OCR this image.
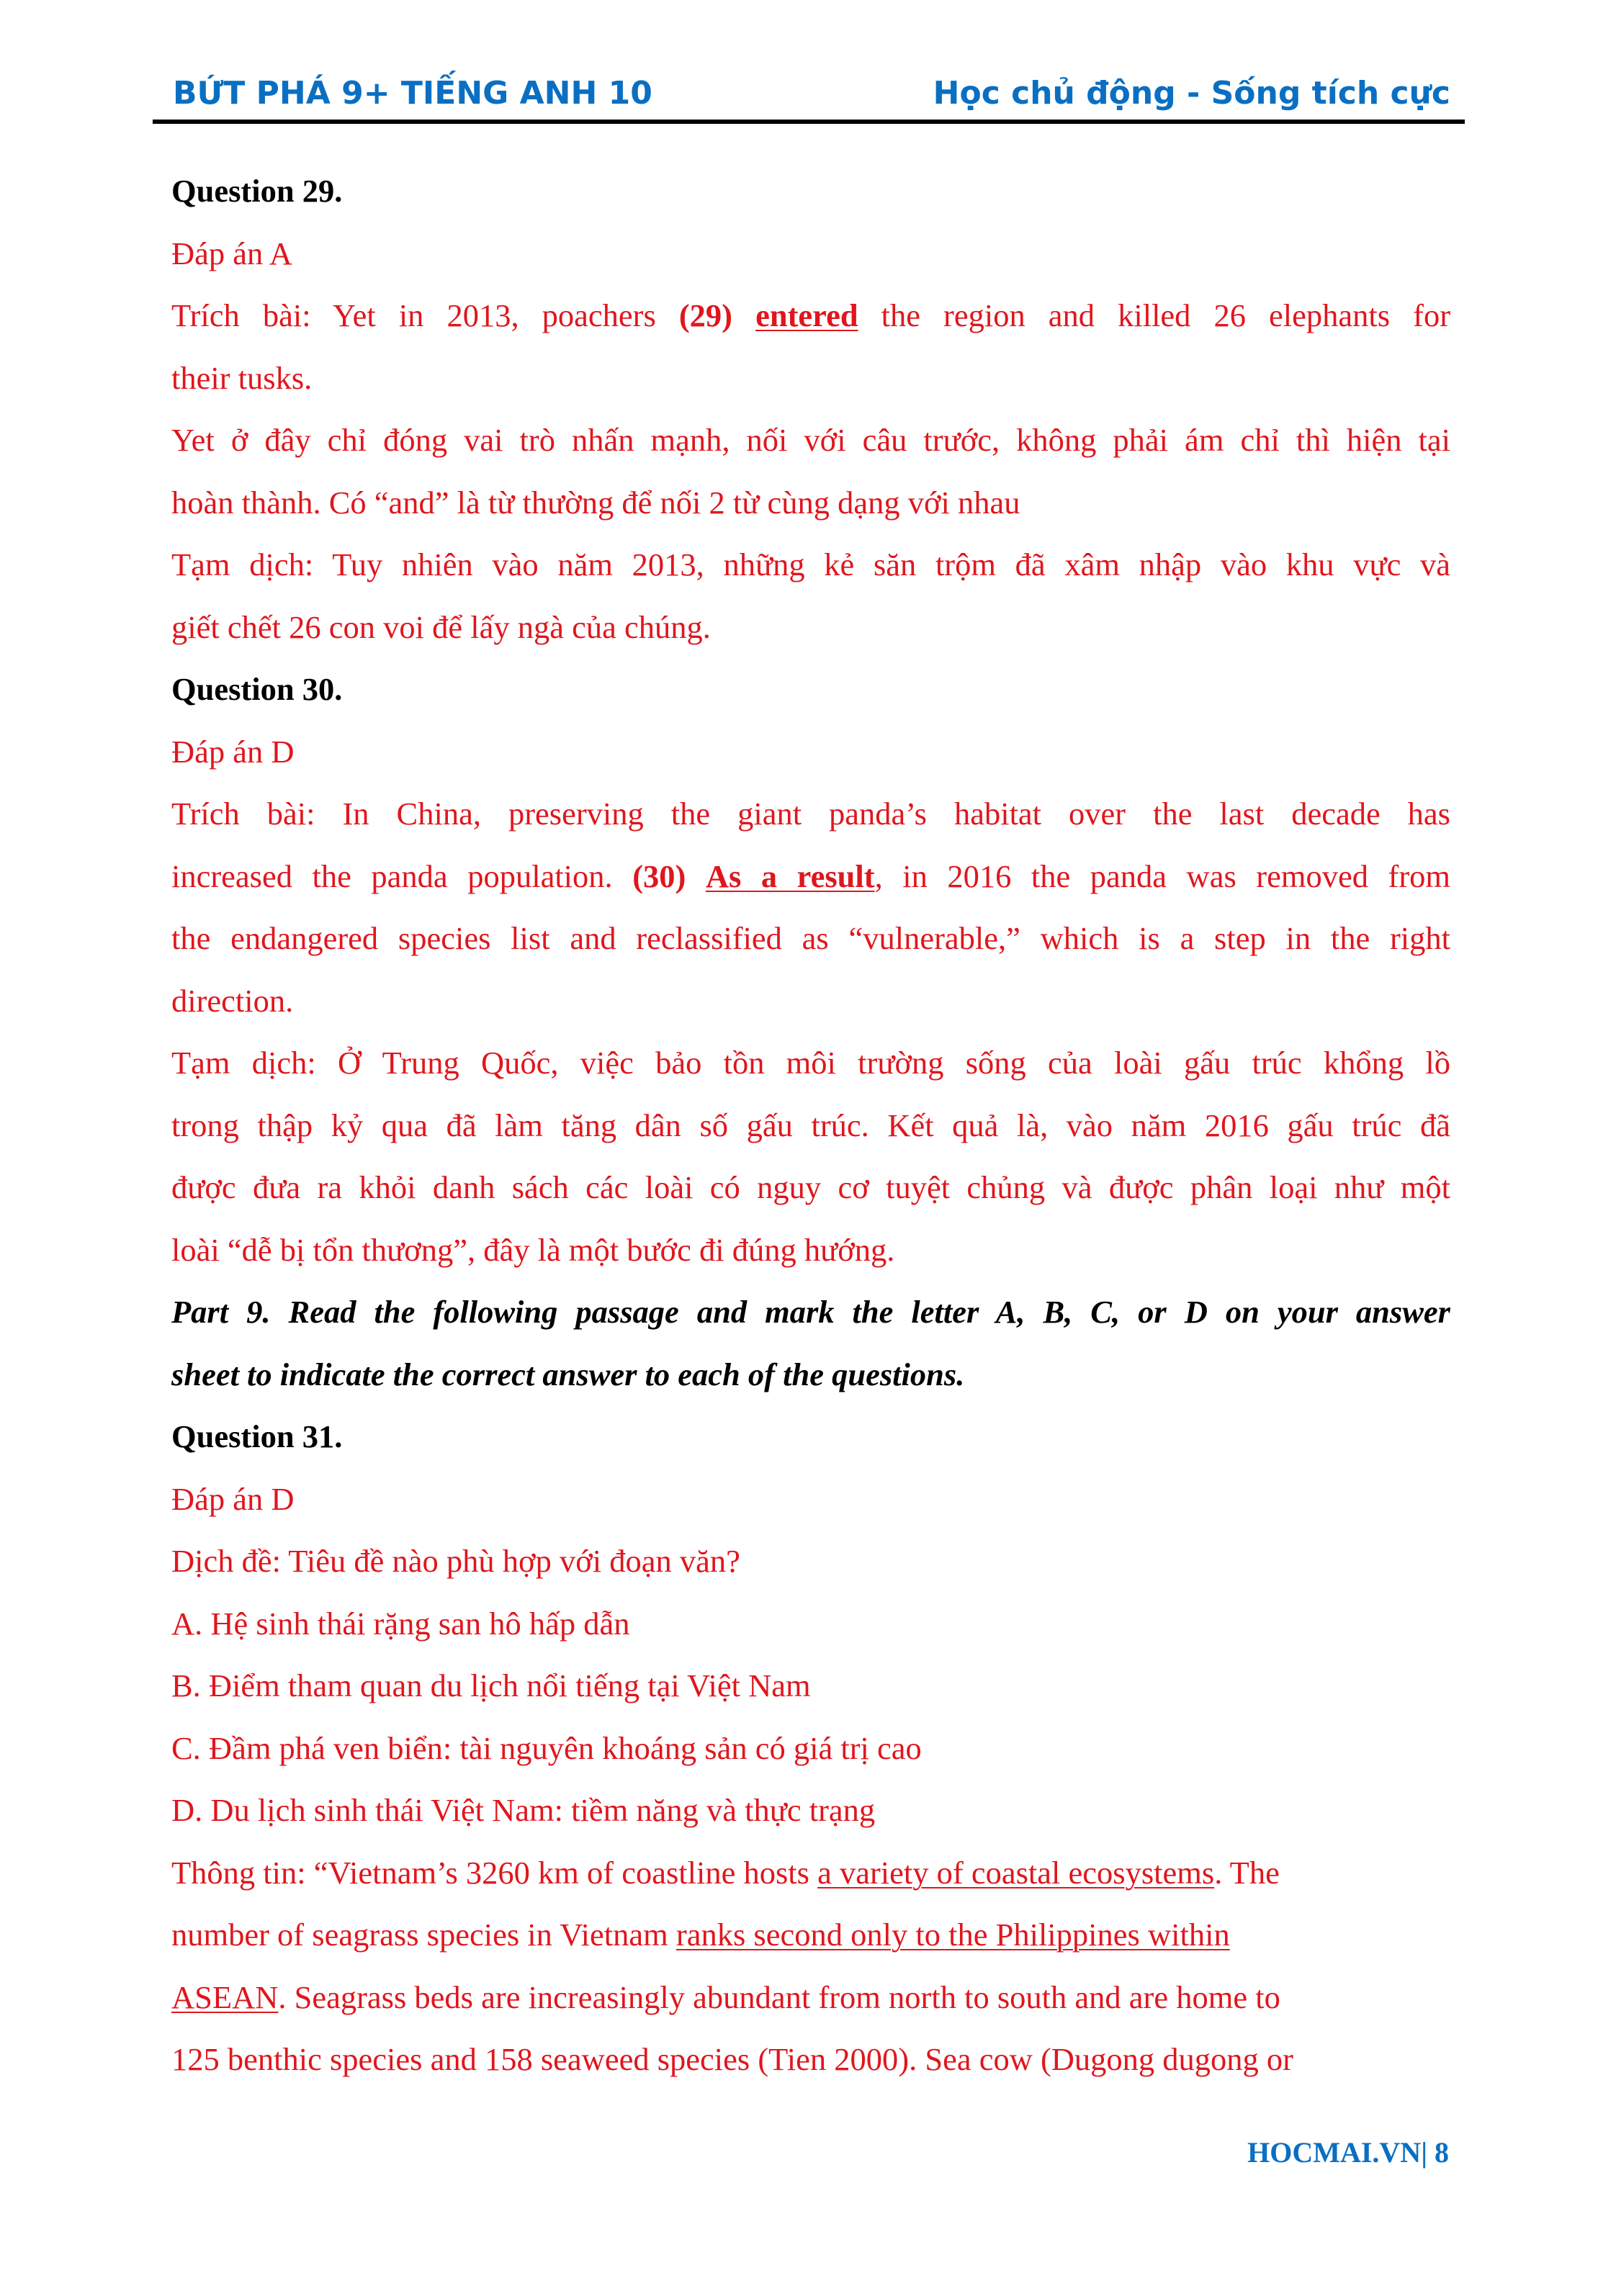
BỨT PHÁ 9+ TIẾNG ANH 10	Học chủ động - Sống tích cực
Question 29.
Đáp án A
Trích bài: Yet in 2013, poachers (29) entered the region and killed 26 elephants for
their tusks.
Yet ở đây chỉ đóng vai trò nhấn mạnh, nối với câu trước, không phải ám chỉ thì hiện tại
hoàn thành. Có “and” là từ thường để nối 2 từ cùng dạng với nhau
Tạm dịch: Tuy nhiên vào năm 2013, những kẻ săn trộm đã xâm nhập vào khu vực và
giết chết 26 con voi để lấy ngà của chúng.
Question 30.
Đáp án D
Trích bài: In China, preserving the giant panda’s habitat over the last decade has
increased the panda population. (30) As a result, in 2016 the panda was removed from
the endangered species list and reclassified as “vulnerable,” which is a step in the right
direction.
Tạm dịch: Ở Trung Quốc, việc bảo tồn môi trường sống của loài gấu trúc khổng lồ
trong thập kỷ qua đã làm tăng dân số gấu trúc. Kết quả là, vào năm 2016 gấu trúc đã
được đưa ra khỏi danh sách các loài có nguy cơ tuyệt chủng và được phân loại như một
loài “dễ bị tổn thương”, đây là một bước đi đúng hướng.
Part 9. Read the following passage and mark the letter A, B, C, or D on your answer
sheet to indicate the correct answer to each of the questions.
Question 31.
Đáp án D
Dịch đề: Tiêu đề nào phù hợp với đoạn văn?
A. Hệ sinh thái rặng san hô hấp dẫn
B. Điểm tham quan du lịch nổi tiếng tại Việt Nam
C. Đầm phá ven biển: tài nguyên khoáng sản có giá trị cao
D. Du lịch sinh thái Việt Nam: tiềm năng và thực trạng
Thông tin: “Vietnam’s 3260 km of coastline hosts a variety of coastal ecosystems. The
number of seagrass species in Vietnam ranks second only to the Philippines within
ASEAN. Seagrass beds are increasingly abundant from north to south and are home to
125 benthic species and 158 seaweed species (Tien 2000). Sea cow (Dugong dugong or
HOCMAI.VN| 8
